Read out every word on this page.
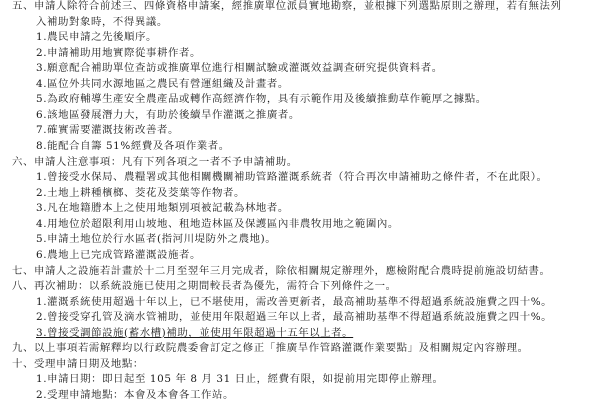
五、申請人除符合前述三、四條資格申請案，經推廣單位派員實地勘察，並根據下列選點原則之辦理，若有無法列
入補助對象時，不得異議。
1.農民申請之先後順序。
2.申請補助用地實際從事耕作者。
3.願意配合補助單位查訪或推廣單位進行相關試驗或灌溉效益調查研究提供資料者。
4.區位外共同水源地區之農民有營運組織及計畫者。
5.為政府輔導生產安全農產品或轉作高經濟作物，具有示範作用及後續推動草作範厚之據點。
6.該地區發展潛力大，有助於後續旱作灌溉之推廣者。
7.確實需要灌溉技術改善者。
8.能配合自籌 51%經費及各項作業者。
六、申請人注意事項：凡有下列各項之一者不予申請補助。
1.曾接受水保局、農糧署或其他相關機關補助管路灌溉系統者（符合再次申請補助之條件者，不在此限）。
2.土地上耕種檳榔、茭花及茭葉等作物者。
3.凡在地籍謄本上之使用地類別項被記載為林地者。
4.用地位於超限利用山坡地、租地造林區及保護區內非農牧用地之範圍內。
5.申請土地位於行水區者(指河川堤防外之農地)。
6.農地上已完成管路灌溉設施者。
七、申請人之設施若計畫於十二月至翌年三月完成者，除依相關規定辦理外，應檢附配合農時提前施設切結書。
八、再次補助：以系統設施已使用之期間較長者為優先，需符合下列條件之一。
1.灌溉系統使用超過十年以上，已不堪使用，需改善更新者，最高補助基準不得超過系統設施費之四十%。
2.曾接受穿孔管及滴水管補助，並使用年限超過三年以上者，最高補助基準不得超過系統設施費之四十%。
3.曾接受調節設施(蓄水槽)補助，並使用年限超過十五年以上者。
九、以上事項若需解釋均以行政院農委會訂定之修正「推廣旱作管路灌溉作業要點」及相關規定內容辦理。
十、受理申請日期及地點：
1.申請日期：即日起至 105 年 8 月 31 日止，經費有限，如提前用完即停止辦理。
2.受理申請地點：本會及本會各工作站。
